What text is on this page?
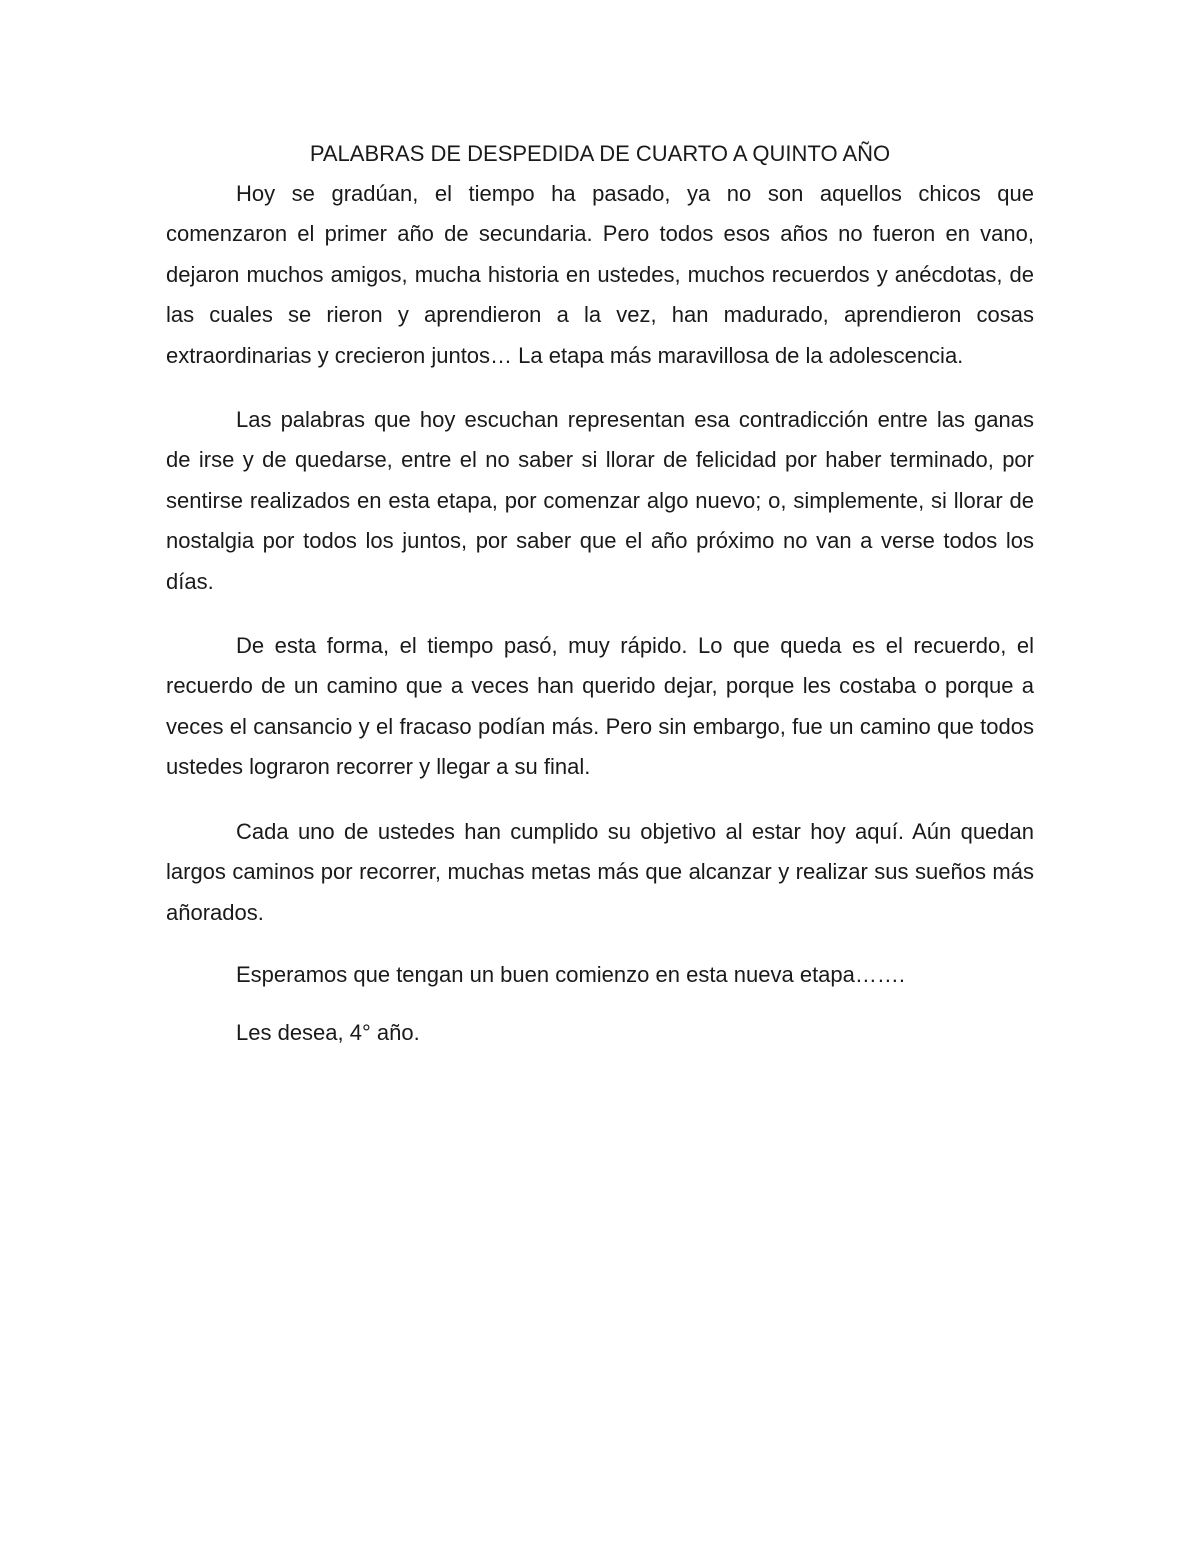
PALABRAS DE DESPEDIDA DE CUARTO A QUINTO AÑO

Hoy se gradúan, el tiempo ha pasado, ya no son aquellos chicos que comenzaron el primer año de secundaria. Pero todos esos años no fueron en vano, dejaron muchos amigos, mucha historia en ustedes, muchos recuerdos y anécdotas, de las cuales se rieron y aprendieron a la vez, han madurado, aprendieron cosas extraordinarias y crecieron juntos… La etapa más maravillosa de la adolescencia.

Las palabras que hoy escuchan representan esa contradicción entre las ganas de irse y de quedarse, entre el no saber si llorar de felicidad por haber terminado, por sentirse realizados en esta etapa, por comenzar algo nuevo; o, simplemente, si llorar de nostalgia por todos los juntos, por saber que el año próximo no van a verse todos los días.

De esta forma, el tiempo pasó, muy rápido. Lo que queda es el recuerdo, el recuerdo de un camino que a veces han querido dejar, porque les costaba o porque a veces el cansancio y el fracaso podían más. Pero sin embargo, fue un camino que todos ustedes lograron recorrer y llegar a su final.

Cada uno de ustedes han cumplido su objetivo al estar hoy aquí. Aún quedan largos caminos por recorrer, muchas metas más que alcanzar y realizar sus sueños más añorados.

Esperamos que tengan un buen comienzo en esta nueva etapa…….

Les desea, 4° año.
